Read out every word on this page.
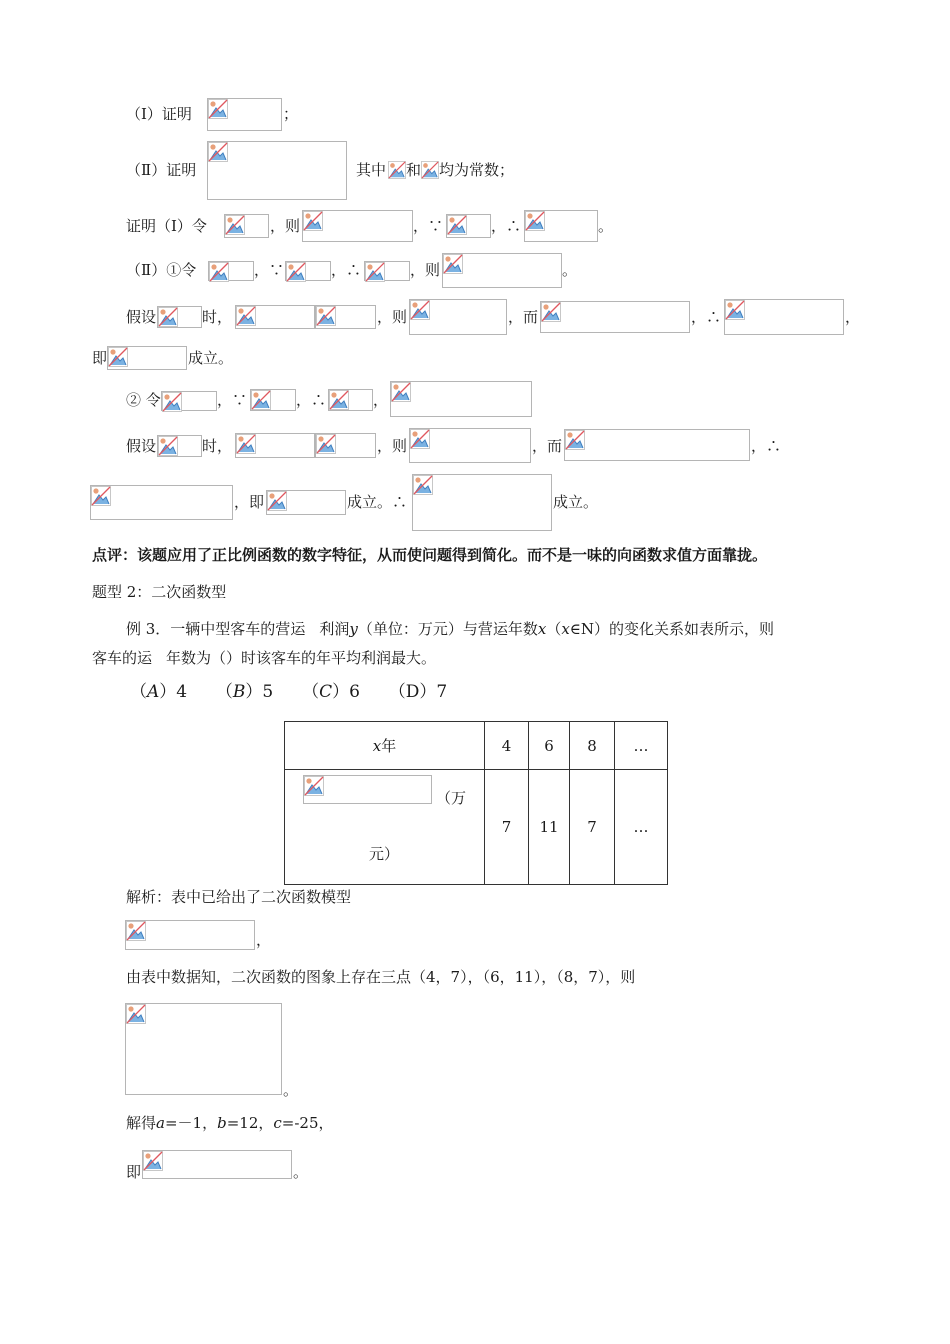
（Ⅰ）证明	；
（Ⅱ）证明	其中 和 均为常数；
证明（Ⅰ）令	，则	，∵	，∴	。
（Ⅱ）①令	，∵	，∴	，则	。
假设	时，	，则	，而	，∴	，
即	成立。
② 令	，∵	，∴	，
假设	时，	，则	，而	，∴
，即	成立。∴	成立。
点评：该题应用了正比例函数的数字特征，从而使问题得到简化。而不是一味的向函数求值方面靠拢。
题型 2：二次函数型
例 3．一辆中型客车的营运 利润y（单位：万元）与营运年数x（x∈N）的变化关系如表所示，则
客车的运 年数为（）时该客车的年平均利润最大。
（A）4 （B）5 （C）6 （D）7
x年	4	6	8	…

（万
元）	7	11	7	…
解析：表中已给出了二次函数模型
，
由表中数据知，二次函数的图象上存在三点（4，7），（6，11），（8，7），则
。
解得a=－1，b=12，c=-25，
即	。
